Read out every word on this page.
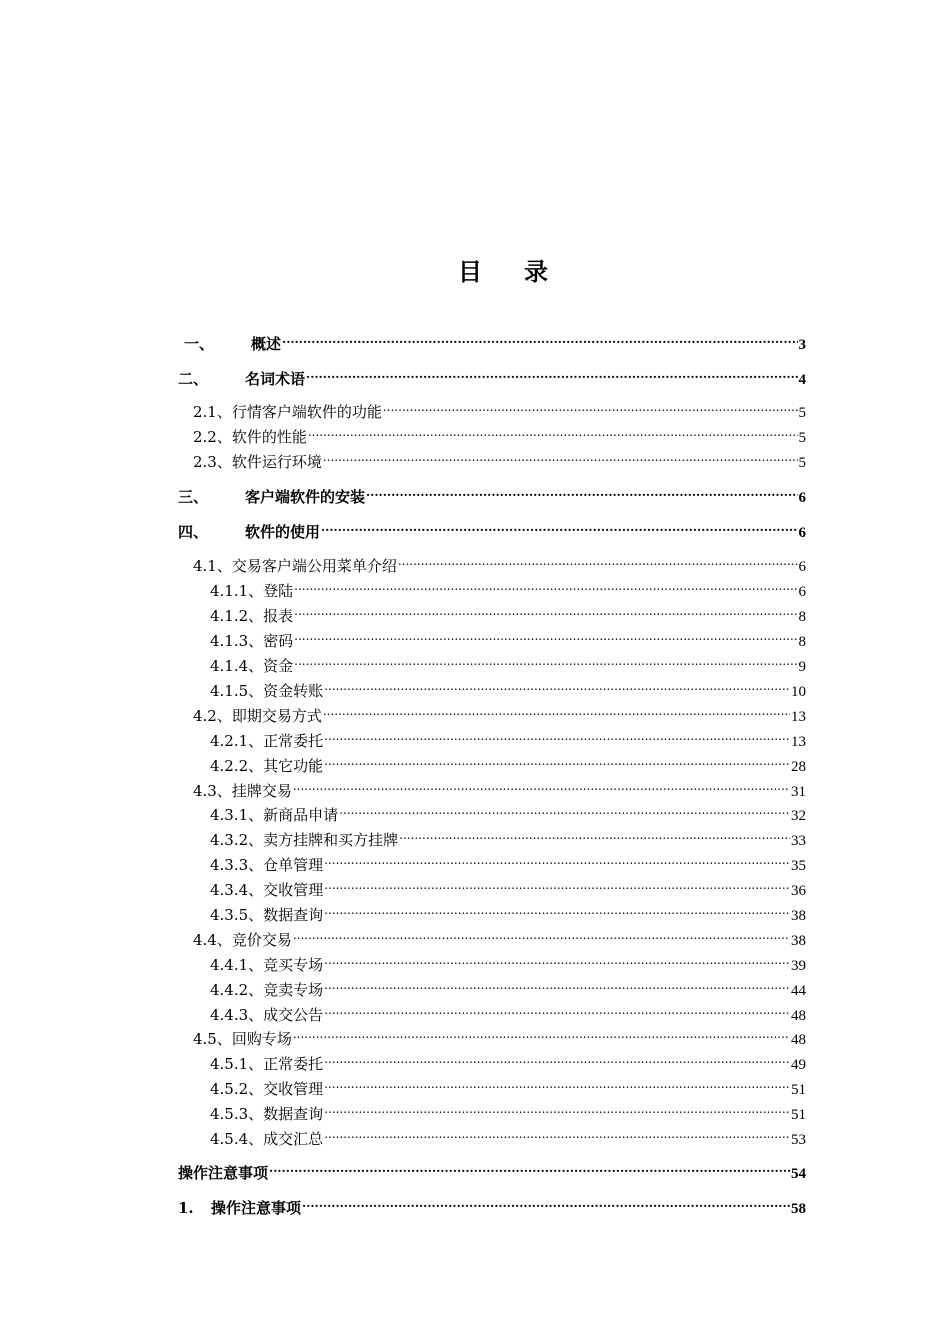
目 录
一、	概述 .....	3
二、	名词术语 .....	4
2.1、行情客户端软件的功能 .....	5
2.2、软件的性能 .....	5
2.3、软件运行环境 .....	5
三、	客户端软件的安装 .....	6
四、	软件的使用 .....	6
4.1、交易客户端公用菜单介绍 .....	6
4.1.1、登陆 .....	6
4.1.2、报表 .....	8
4.1.3、密码 .....	8
4.1.4、资金 .....	9
4.1.5、资金转账 .....	10
4.2、即期交易方式 .....	13
4.2.1、正常委托 .....	13
4.2.2、其它功能 .....	28
4.3、挂牌交易 .....	31
4.3.1、新商品申请 .....	32
4.3.2、卖方挂牌和买方挂牌 .....	33
4.3.3、仓单管理 .....	35
4.3.4、交收管理 .....	36
4.3.5、数据查询 .....	38
4.4、竞价交易 .....	38
4.4.1、竞买专场 .....	39
4.4.2、竞卖专场 .....	44
4.4.3、成交公告 .....	48
4.5、回购专场 .....	48
4.5.1、正常委托 .....	49
4.5.2、交收管理 .....	51
4.5.3、数据查询 .....	51
4.5.4、成交汇总 .....	53
操作注意事项 .....	54
1.	操作注意事项 .....	58
